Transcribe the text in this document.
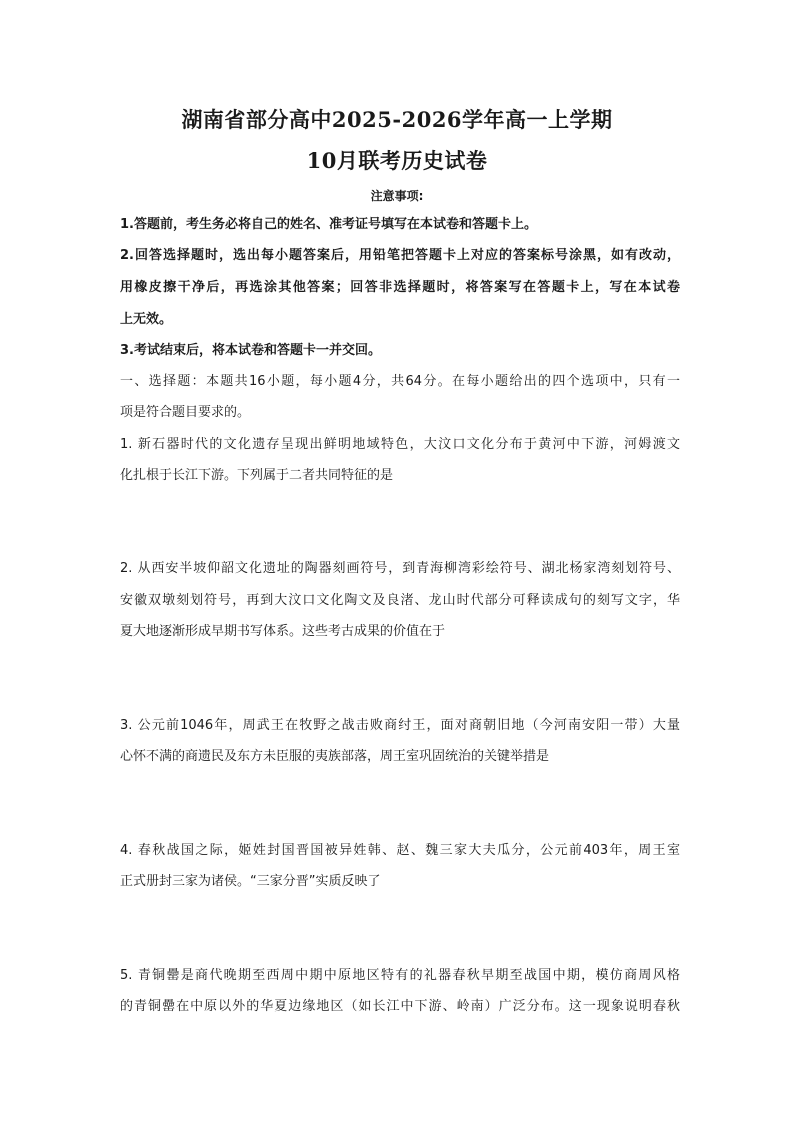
湖南省部分高中2025-2026学年高一上学期
10月联考历史试卷
注意事项:
1.答题前，考生务必将自己的姓名、准考证号填写在本试卷和答题卡上。
2.回答选择题时，选出每小题答案后，用铅笔把答题卡上对应的答案标号涂黑，如有改动，
用橡皮擦干净后，再选涂其他答案；回答非选择题时，将答案写在答题卡上，写在本试卷
上无效。
3.考试结束后，将本试卷和答题卡一并交回。
一、选择题：本题共16小题，每小题4分，共64分。在每小题给出的四个选项中，只有一
项是符合题目要求的。
1. 新石器时代的文化遗存呈现出鲜明地域特色，大汶口文化分布于黄河中下游，河姆渡文
化扎根于长江下游。下列属于二者共同特征的是
2. 从西安半坡仰韶文化遗址的陶器刻画符号，到青海柳湾彩绘符号、湖北杨家湾刻划符号、
安徽双墩刻划符号，再到大汶口文化陶文及良渚、龙山时代部分可释读成句的刻写文字，华
夏大地逐渐形成早期书写体系。这些考古成果的价值在于
3. 公元前1046年，周武王在牧野之战击败商纣王，面对商朝旧地（今河南安阳一带）大量
心怀不满的商遗民及东方未臣服的夷族部落，周王室巩固统治的关键举措是
4. 春秋战国之际，姬姓封国晋国被异姓韩、赵、魏三家大夫瓜分，公元前403年，周王室
正式册封三家为诸侯。“三家分晋”实质反映了
5. 青铜罍是商代晚期至西周中期中原地区特有的礼器春秋早期至战国中期，模仿商周风格
的青铜罍在中原以外的华夏边缘地区（如长江中下游、岭南）广泛分布。这一现象说明春秋
